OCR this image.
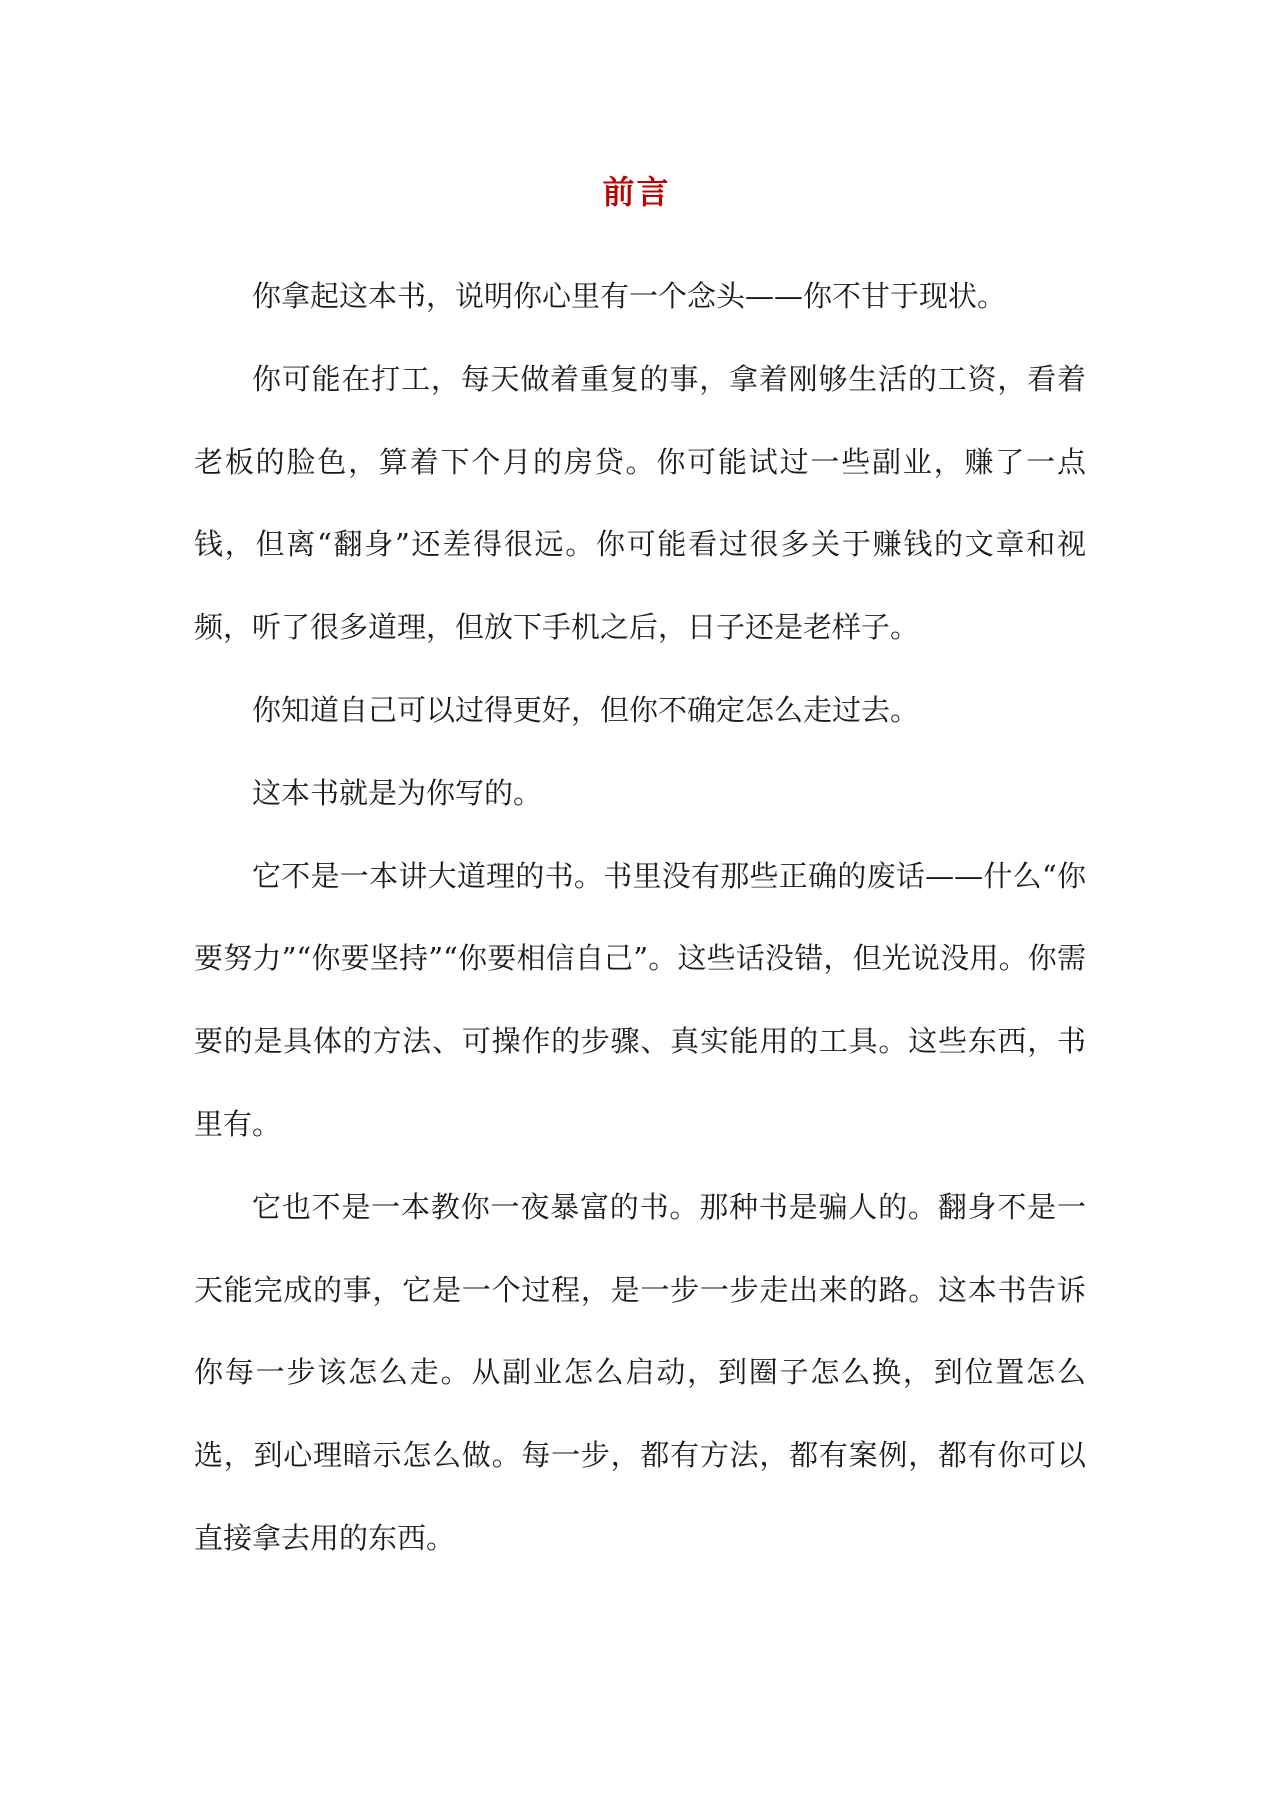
前言

你拿起这本书，说明你心里有一个念头——你不甘于现状。

你可能在打工，每天做着重复的事，拿着刚够生活的工资，看着老板的脸色，算着下个月的房贷。你可能试过一些副业，赚了一点钱，但离“翻身”还差得很远。你可能看过很多关于赚钱的文章和视频，听了很多道理，但放下手机之后，日子还是老样子。

你知道自己可以过得更好，但你不确定怎么走过去。

这本书就是为你写的。

它不是一本讲大道理的书。书里没有那些正确的废话——什么“你要努力”“你要坚持”“你要相信自己”。这些话没错，但光说没用。你需要的是具体的方法、可操作的步骤、真实能用的工具。这些东西，书里有。

它也不是一本教你一夜暴富的书。那种书是骗人的。翻身不是一天能完成的事，它是一个过程，是一步一步走出来的路。这本书告诉你每一步该怎么走。从副业怎么启动，到圈子怎么换，到位置怎么选，到心理暗示怎么做。每一步，都有方法，都有案例，都有你可以直接拿去用的东西。
